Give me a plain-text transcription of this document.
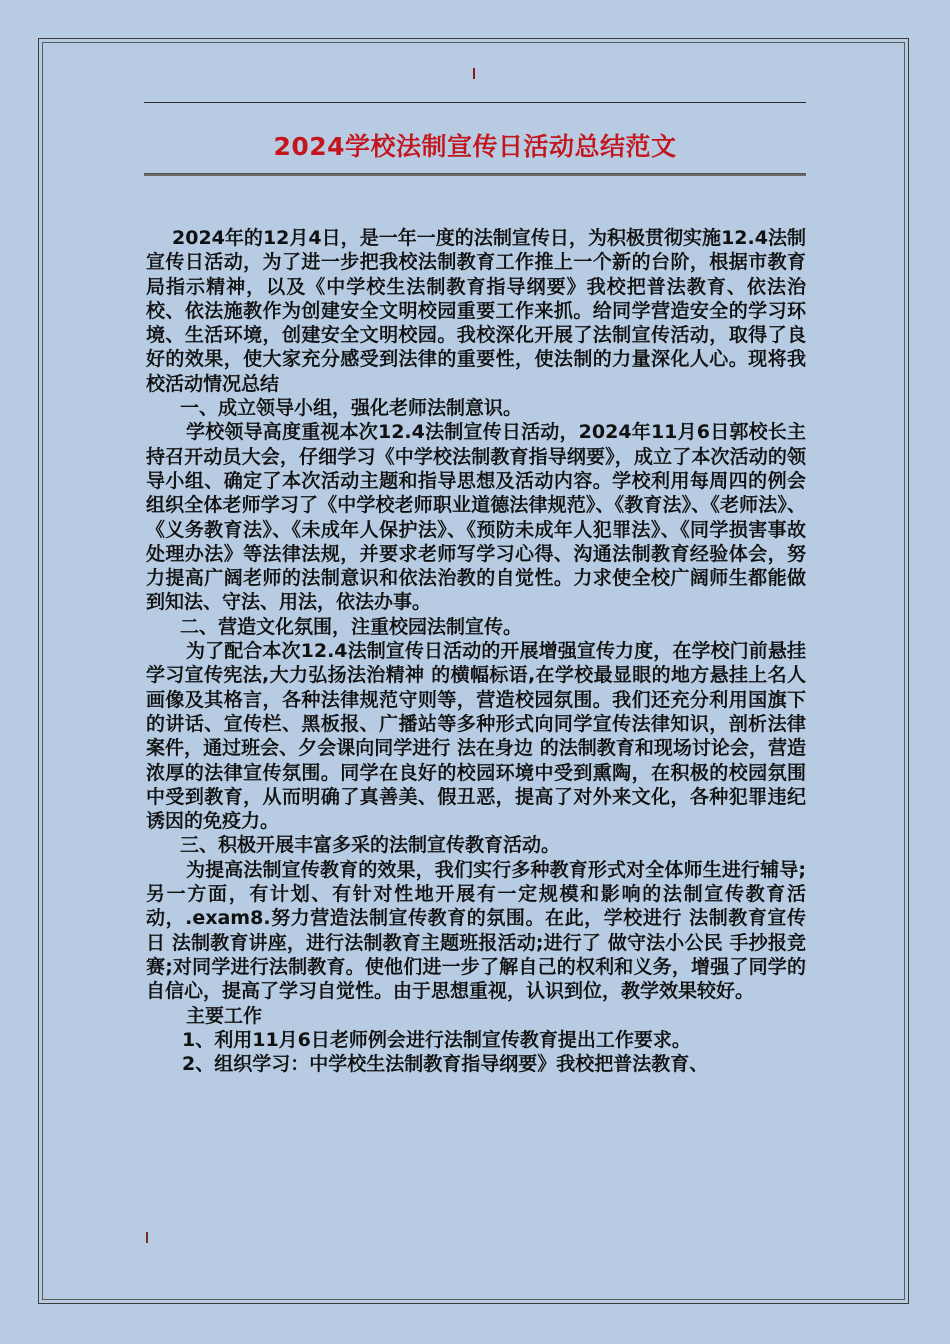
2024学校法制宣传日活动总结范文

2024年的12月4日，是一年一度的法制宣传日，为积极贯彻实施12.4法制宣传日活动，为了进一步把我校法制教育工作推上一个新的台阶，根据市教育局指示精神，以及《中学校生法制教育指导纲要》我校把普法教育、依法治校、依法施教作为创建安全文明校园重要工作来抓。给同学营造安全的学习环境、生活环境，创建安全文明校园。我校深化开展了法制宣传活动，取得了良好的效果，使大家充分感受到法律的重要性，使法制的力量深化人心。现将我校活动情况总结

一、成立领导小组，强化老师法制意识。

学校领导高度重视本次12.4法制宣传日活动，2024年11月6日郭校长主持召开动员大会，仔细学习《中学校法制教育指导纲要》，成立了本次活动的领导小组、确定了本次活动主题和指导思想及活动内容。学校利用每周四的例会组织全体老师学习了《中学校老师职业道德法律规范》、《教育法》、《老师法》、《义务教育法》、《未成年人保护法》、《预防未成年人犯罪法》、《同学损害事故处理办法》等法律法规，并要求老师写学习心得、沟通法制教育经验体会，努力提高广阔老师的法制意识和依法治教的自觉性。力求使全校广阔师生都能做到知法、守法、用法，依法办事。

二、营造文化氛围，注重校园法制宣传。

为了配合本次12.4法制宣传日活动的开展增强宣传力度，在学校门前悬挂 学习宣传宪法,大力弘扬法治精神 的横幅标语,在学校最显眼的地方悬挂上名人画像及其格言，各种法律规范守则等，营造校园氛围。我们还充分利用国旗下的讲话、宣传栏、黑板报、广播站等多种形式向同学宣传法律知识，剖析法律案件，通过班会、夕会课向同学进行 法在身边 的法制教育和现场讨论会，营造浓厚的法律宣传氛围。同学在良好的校园环境中受到熏陶，在积极的校园氛围中受到教育，从而明确了真善美、假丑恶，提高了对外来文化，各种犯罪违纪诱因的免疫力。

三、积极开展丰富多采的法制宣传教育活动。

为提高法制宣传教育的效果，我们实行多种教育形式对全体师生进行辅导;另一方面，有计划、有针对性地开展有一定规模和影响的法制宣传教育活动，.exam8.努力营造法制宣传教育的氛围。在此，学校进行 法制教育宣传日 法制教育讲座，进行法制教育主题班报活动;进行了 做守法小公民 手抄报竞赛;对同学进行法制教育。使他们进一步了解自己的权利和义务，增强了同学的自信心，提高了学习自觉性。由于思想重视，认识到位，教学效果较好。

主要工作

1、利用11月6日老师例会进行法制宣传教育提出工作要求。

2、组织学习：中学校生法制教育指导纲要》我校把普法教育、
